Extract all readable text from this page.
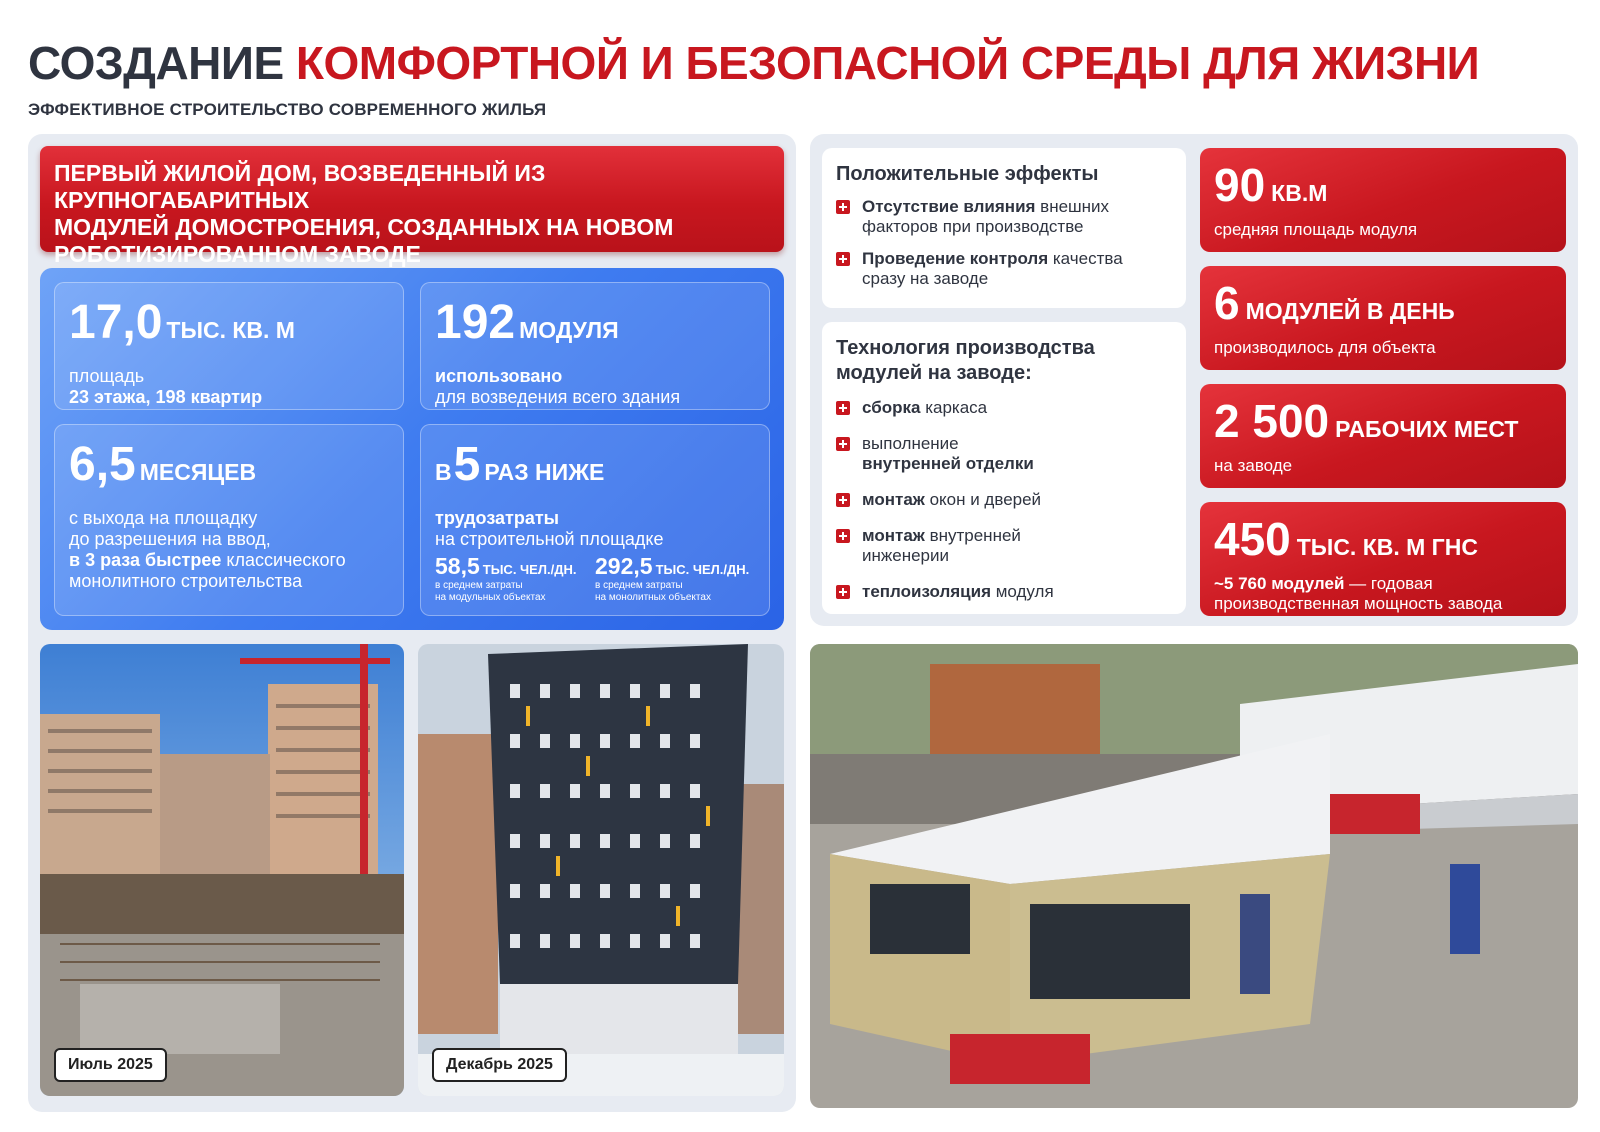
СОЗДАНИЕ КОМФОРТНОЙ И БЕЗОПАСНОЙ СРЕДЫ ДЛЯ ЖИЗНИ
ЭФФЕКТИВНОЕ СТРОИТЕЛЬСТВО СОВРЕМЕННОГО ЖИЛЬЯ
ПЕРВЫЙ ЖИЛОЙ ДОМ, ВОЗВЕДЕННЫЙ ИЗ КРУПНОГАБАРИТНЫХ
МОДУЛЕЙ ДОМОСТРОЕНИЯ, СОЗДАННЫХ НА НОВОМ
РОБОТИЗИРОВАННОМ ЗАВОДЕ
17,0 ТЫС. КВ. М
площадь
23 этажа, 198 квартир
192 МОДУЛЯ
использовано
для возведения всего здания
6,5 МЕСЯЦЕВ
с выхода на площадку
до разрешения на ввод,
в 3 раза быстрее классического
монолитного строительства
В5 РАЗ НИЖЕ
трудозатраты
на строительной площадке
58,5 ТЫС. ЧЕЛ./ДН.
в среднем затраты
на модульных объектах
292,5 ТЫС. ЧЕЛ./ДН.
в среднем затраты
на монолитных объектах
Июль 2025	Декабрь 2025
Положительные эффекты
Отсутствие влияния внешних
факторов при производстве
Проведение контроля качества
сразу на заводе
Технология производства
модулей на заводе:
сборка каркаса
выполнение
внутренней отделки
монтаж окон и дверей
монтаж внутренней
инженерии
теплоизоляция модуля
90 КВ.М
средняя площадь модуля
6 МОДУЛЕЙ В ДЕНЬ
производилось для объекта
2 500 РАБОЧИХ МЕСТ
на заводе
450 ТЫС. КВ. М ГНС
~5 760 модулей — годовая
производственная мощность завода
